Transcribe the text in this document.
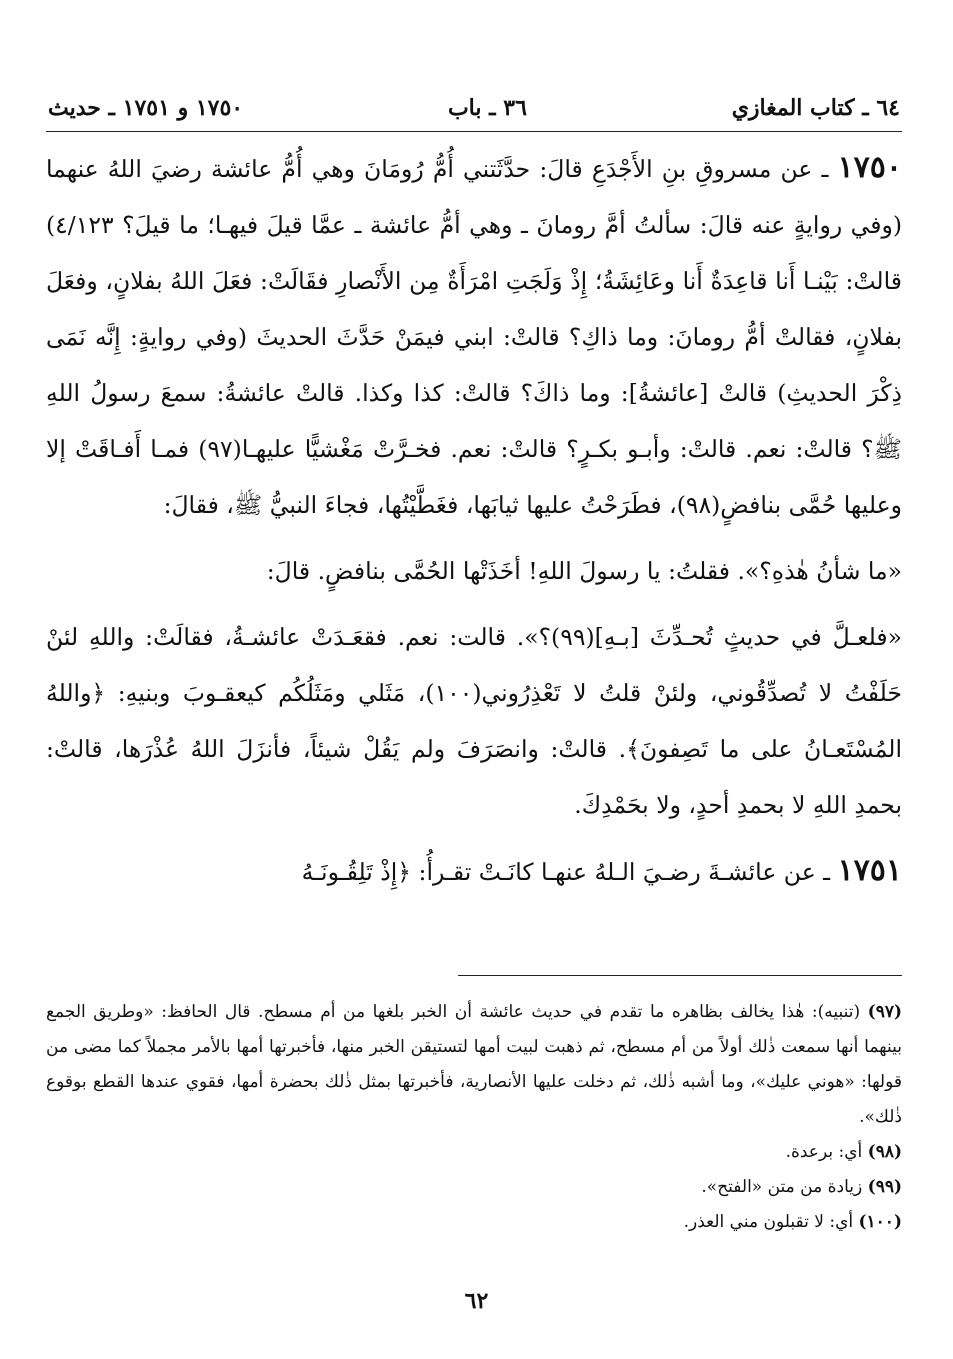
١٧٥٠ و ١٧٥١ ـ حديث	٣٦ ـ باب	٦٤ ـ كتاب المغازي

١٧٥٠ ـ عن مسروقِ بنِ الأَجْدَعِ قالَ: حدَّثَتني أُمُّ رُومَانَ وهي أُمُّ عائشة رضيَ اللهُ عنهما (وفي روايةٍ عنه قالَ: سألتُ أمَّ رومانَ ـ وهي أمُّ عائشة ـ عمَّا قيلَ فيهـا؛ ما قيلَ؟ ٤/١٢٣) قالتْ: بَيْنـا أَنا قاعِدَةٌ أَنا وعَائِشَةُ؛ إِذْ وَلَجَتِ امْرَأَةٌ مِن الأَنْصارِ فقَالَتْ: فعَلَ اللهُ بفلانٍ، وفعَلَ بفلانٍ، فقالتْ أمُّ رومانَ: وما ذاكِ؟ قالتْ: ابني فيمَنْ حَدَّثَ الحديثَ (وفي روايةٍ: إِنَّه نَمَى ذِكْرَ الحديثِ) قالتْ [عائشةُ]: وما ذاكَ؟ قالتْ: كذا وكذا. قالتْ عائشةُ: سمعَ رسولُ اللهِ ﷺ؟ قالتْ: نعم. قالتْ: وأبـو بكـرٍ؟ قالتْ: نعم. فخـرَّتْ مَغْشيًّا عليهـا(٩٧) فمـا أَفـاقَتْ إلا وعليها حُمَّى بنافضٍ(٩٨)، فطَرَحْتُ عليها ثيابَها، فغَطَّيْتُها، فجاءَ النبيُّ ﷺ، فقالَ:

«ما شأنُ هٰذهِ؟». فقلتُ: يا رسولَ اللهِ! أخَذَتْها الحُمَّى بنافضٍ. قالَ:

«فلعـلَّ في حديثٍ تُحـدِّثَ [بـهِ](٩٩)؟». قالت: نعم. فقعَـدَتْ عائشـةُ، فقالَتْ: واللهِ لئنْ حَلَفْتُ لا تُصدِّقُوني، ولئنْ قلتُ لا تَعْذِرُوني(١٠٠)، مَثَلي ومَثَلُكُم كيعقـوبَ وبنيهِ: ﴿واللهُ المُسْتَعـانُ على ما تَصِفونَ﴾. قالتْ: وانصَرَفَ ولم يَقُلْ شيئاً، فأنزَلَ اللهُ عُذْرَها، قالتْ: بحمدِ اللهِ لا بحمدِ أحدٍ، ولا بحَمْدِكَ.

١٧٥١ ـ عن عائشـةَ رضـيَ الـلهُ عنهـا كانَـتْ تقـرأُ: ﴿إِذْ تَلِقُـونَـهُ

(٩٧) (تنبيه): هٰذا يخالف بظاهره ما تقدم في حديث عائشة أن الخبر بلغها من أم مسطح. قال الحافظ: «وطريق الجمع بينهما أنها سمعت ذٰلك أولاً من أم مسطح، ثم ذهبت لبيت أمها لتستيقن الخبر منها، فأخبرتها أمها بالأمر مجملاً كما مضى من قولها: «هوني عليك»، وما أشبه ذٰلك، ثم دخلت عليها الأنصارية، فأخبرتها بمثل ذٰلك بحضرة أمها، فقوي عندها القطع بوقوع ذٰلك».

(٩٨) أي: برعدة.

(٩٩) زيادة من متن «الفتح».

(١٠٠) أي: لا تقبلون مني العذر.

٦٢
